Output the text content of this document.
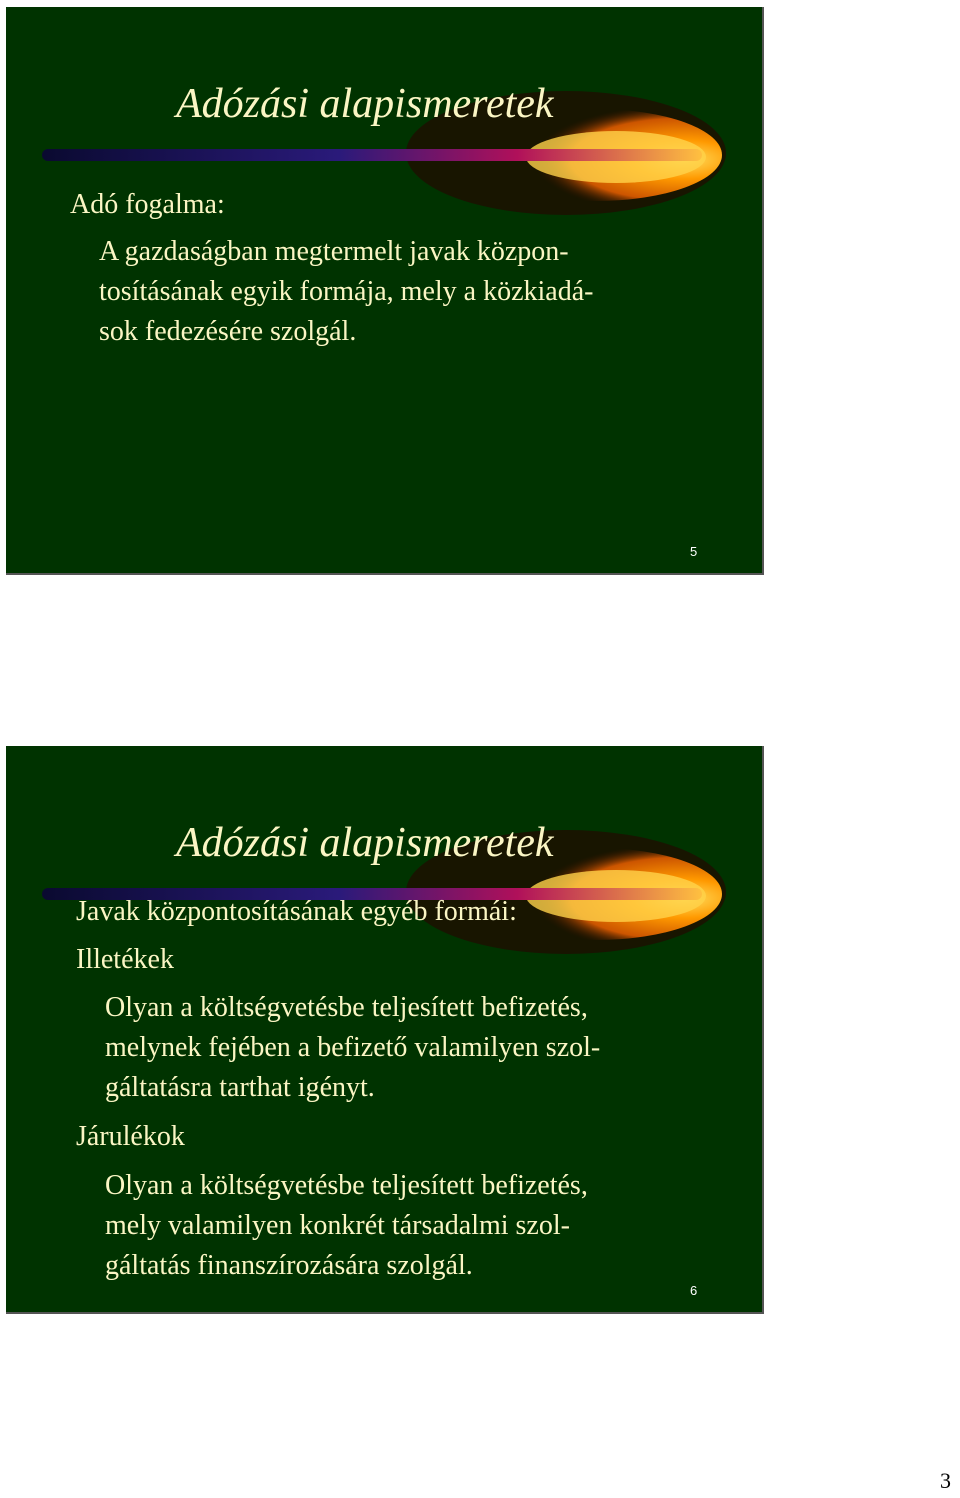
Adózási alapismeretek

Adó fogalma:

A gazdaságban megtermelt javak közpon-

tosításának egyik formája, mely a közkiadá-

sok fedezésére szolgál.

5
Adózási alapismeretek

Javak központosításának egyéb formái:

Illetékek

Olyan a költségvetésbe teljesített befizetés,

melynek fejében a befizető valamilyen szol-

gáltatásra tarthat igényt.

Járulékok

Olyan a költségvetésbe teljesített befizetés,

mely valamilyen konkrét társadalmi szol-

gáltatás finanszírozására szolgál.

6
3
